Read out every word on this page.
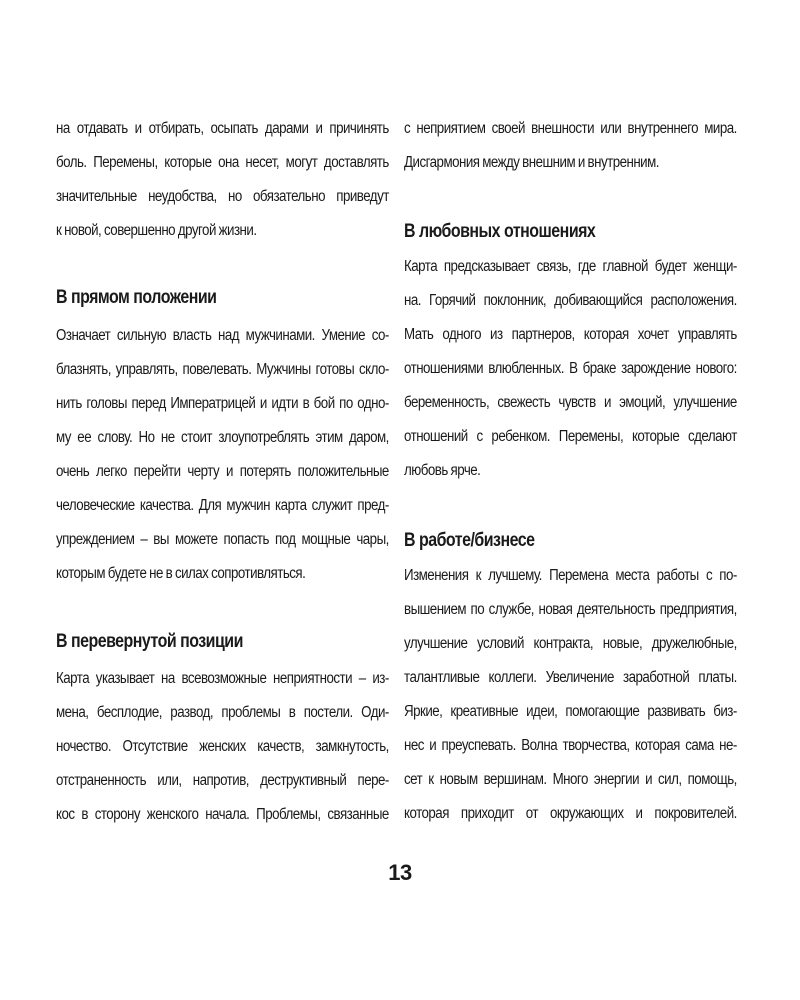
на отдавать и отбирать, осыпать дарами и причинять
боль. Перемены, которые она несет, могут доставлять
значительные неудобства, но обязательно приведут
к новой, совершенно другой жизни.
В прямом положении
Означает сильную власть над мужчинами. Умение со-
блазнять, управлять, повелевать. Мужчины готовы скло-
нить головы перед Императрицей и идти в бой по одно-
му ее слову. Но не стоит злоупотреблять этим даром,
очень легко перейти черту и потерять положительные
человеческие качества. Для мужчин карта служит пред-
упреждением – вы можете попасть под мощные чары,
которым будете не в силах сопротивляться.
В перевернутой позиции
Карта указывает на всевозможные неприятности – из-
мена, бесплодие, развод, проблемы в постели. Оди-
ночество. Отсутствие женских качеств, замкнутость,
отстраненность или, напротив, деструктивный пере-
кос в сторону женского начала. Проблемы, связанные
с неприятием своей внешности или внутреннего мира.
Дисгармония между внешним и внутренним.
В любовных отношениях
Карта предсказывает связь, где главной будет женщи-
на. Горячий поклонник, добивающийся расположения.
Мать одного из партнеров, которая хочет управлять
отношениями влюбленных. В браке зарождение нового:
беременность, свежесть чувств и эмоций, улучшение
отношений с ребенком. Перемены, которые сделают
любовь ярче.
В работе/бизнесе
Изменения к лучшему. Перемена места работы с по-
вышением по службе, новая деятельность предприятия,
улучшение условий контракта, новые, дружелюбные,
талантливые коллеги. Увеличение заработной платы.
Яркие, креативные идеи, помогающие развивать биз-
нес и преуспевать. Волна творчества, которая сама не-
сет к новым вершинам. Много энергии и сил, помощь,
которая приходит от окружающих и покровителей.
13
